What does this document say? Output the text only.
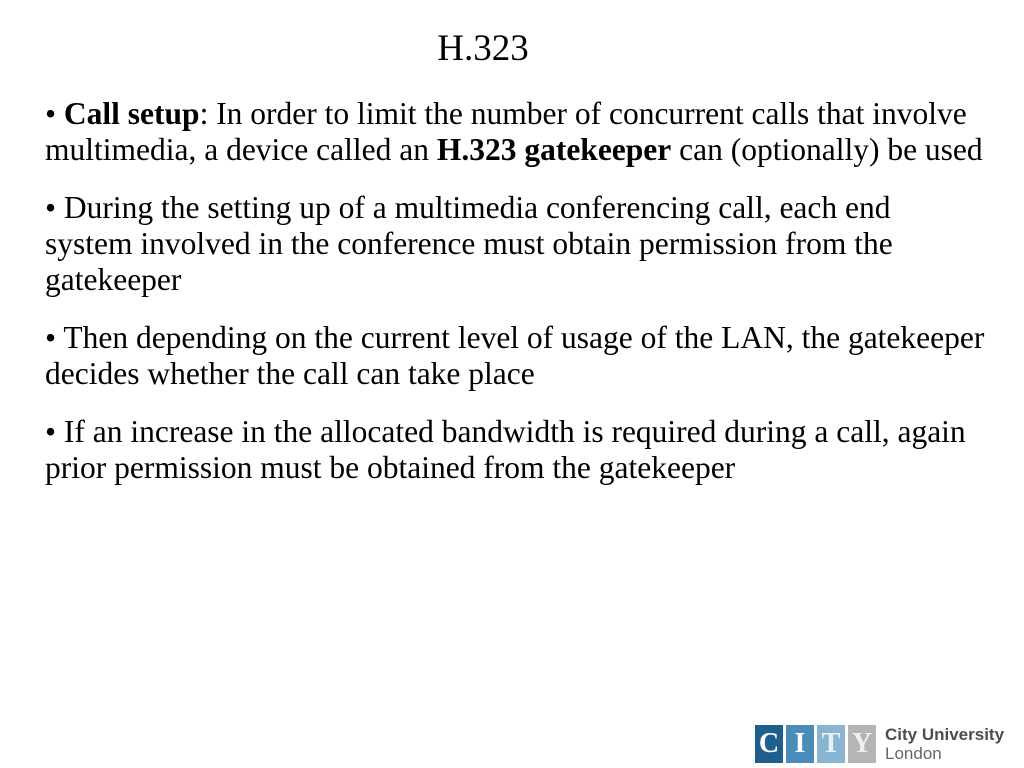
H.323
• Call setup: In order to limit the number of concurrent calls that involve multimedia, a device called an H.323 gatekeeper can (optionally) be used
• During the setting up of a multimedia conferencing call, each end system involved in the conference must obtain permission from the gatekeeper
• Then depending on the current level of usage of the LAN, the gatekeeper decides whether the call can take place
• If an increase in the allocated bandwidth is required during a call, again prior permission must be obtained from the gatekeeper
C I T Y City University
London
